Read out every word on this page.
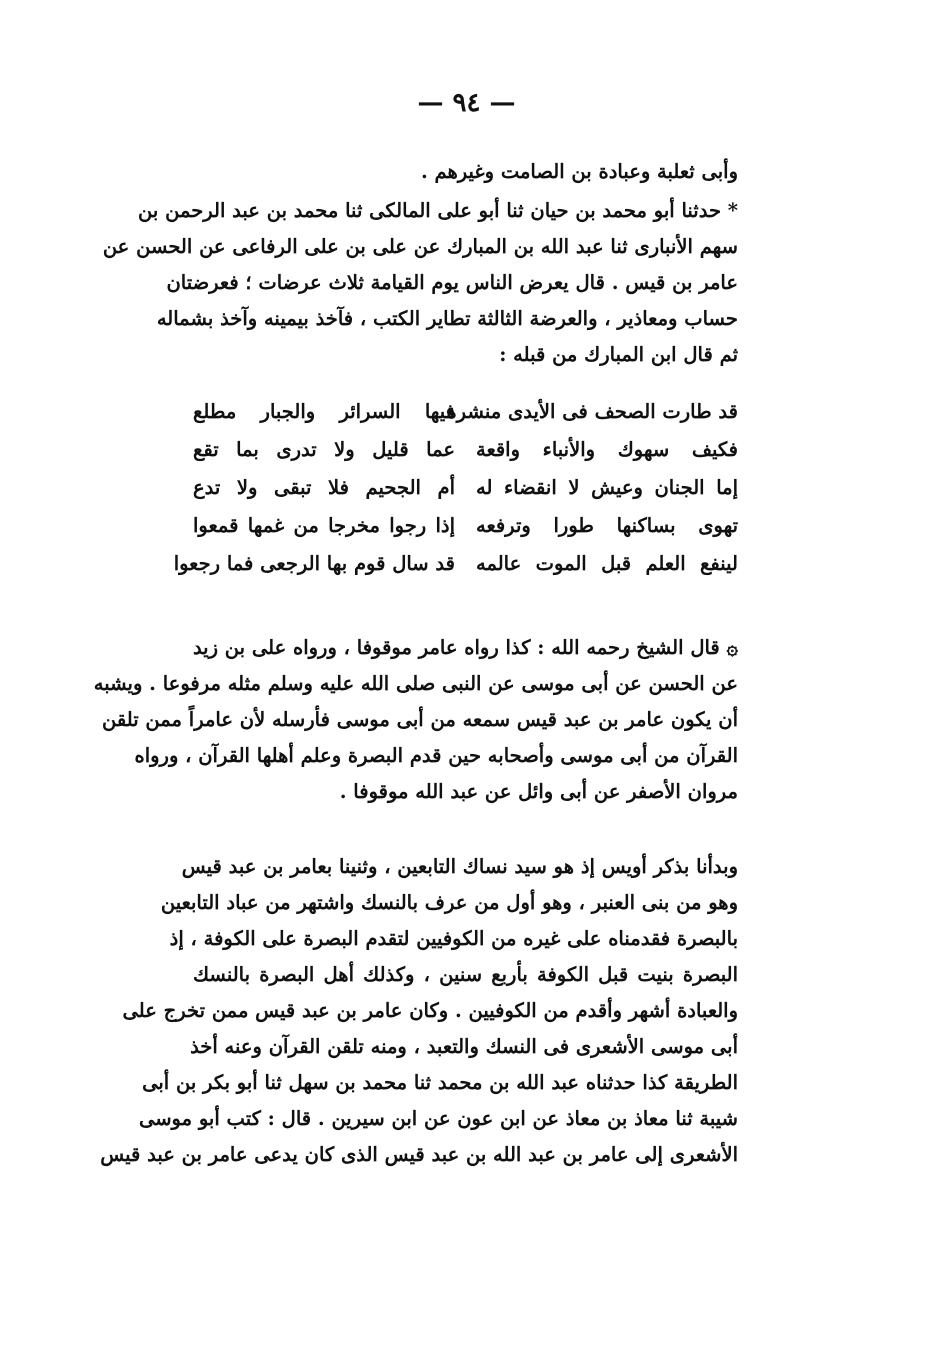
— ٩٤ —
وأبى ثعلبة وعبادة بن الصامت وغيرهم .
* حدثنا أبو محمد بن حيان ثنا أبو على المالكى ثنا محمد بن عبد الرحمن بن
سهم الأنبارى ثنا عبد الله بن المبارك عن على بن على الرفاعى عن الحسن عن
عامر بن قيس . قال يعرض الناس يوم القيامة ثلاث عرضات ؛ فعرضتان
حساب ومعاذير ، والعرضة الثالثة تطاير الكتب ، فآخذ بيمينه وآخذ بشماله
ثم قال ابن المبارك من قبله :
قد طارت الصحف فى الأيدى منشرة
فيها السرائر والجبار مطلع
فكيف سهوك والأنباء واقعة
عما قليل ولا تدرى بما تقع
إما الجنان وعيش لا انقضاء له
أم الجحيم فلا تبقى ولا تدع
تهوى بساكنها طورا وترفعه
إذا رجوا مخرجا من غمها قمعوا
لينفع العلم قبل الموت عالمه
قد سال قوم بها الرجعى فما رجعوا
۞ قال الشيخ رحمه الله : كذا رواه عامر موقوفا ، ورواه على بن زيد
عن الحسن عن أبى موسى عن النبى صلى الله عليه وسلم مثله مرفوعا . ويشبه
أن يكون عامر بن عبد قيس سمعه من أبى موسى فأرسله لأن عامراً ممن تلقن
القرآن من أبى موسى وأصحابه حين قدم البصرة وعلم أهلها القرآن ، ورواه
مروان الأصفر عن أبى وائل عن عبد الله موقوفا .
وبدأنا بذكر أويس إذ هو سيد نساك التابعين ، وثنينا بعامر بن عبد قيس
وهو من بنى العنبر ، وهو أول من عرف بالنسك واشتهر من عباد التابعين
بالبصرة فقدمناه على غيره من الكوفيين لتقدم البصرة على الكوفة ، إذ
البصرة بنيت قبل الكوفة بأربع سنين ، وكذلك أهل البصرة بالنسك
والعبادة أشهر وأقدم من الكوفيين . وكان عامر بن عبد قيس ممن تخرج على
أبى موسى الأشعرى فى النسك والتعبد ، ومنه تلقن القرآن وعنه أخذ
الطريقة كذا حدثناه عبد الله بن محمد ثنا محمد بن سهل ثنا أبو بكر بن أبى
شيبة ثنا معاذ بن معاذ عن ابن عون عن ابن سيرين . قال : كتب أبو موسى
الأشعرى إلى عامر بن عبد الله بن عبد قيس الذى كان يدعى عامر بن عبد قيس
